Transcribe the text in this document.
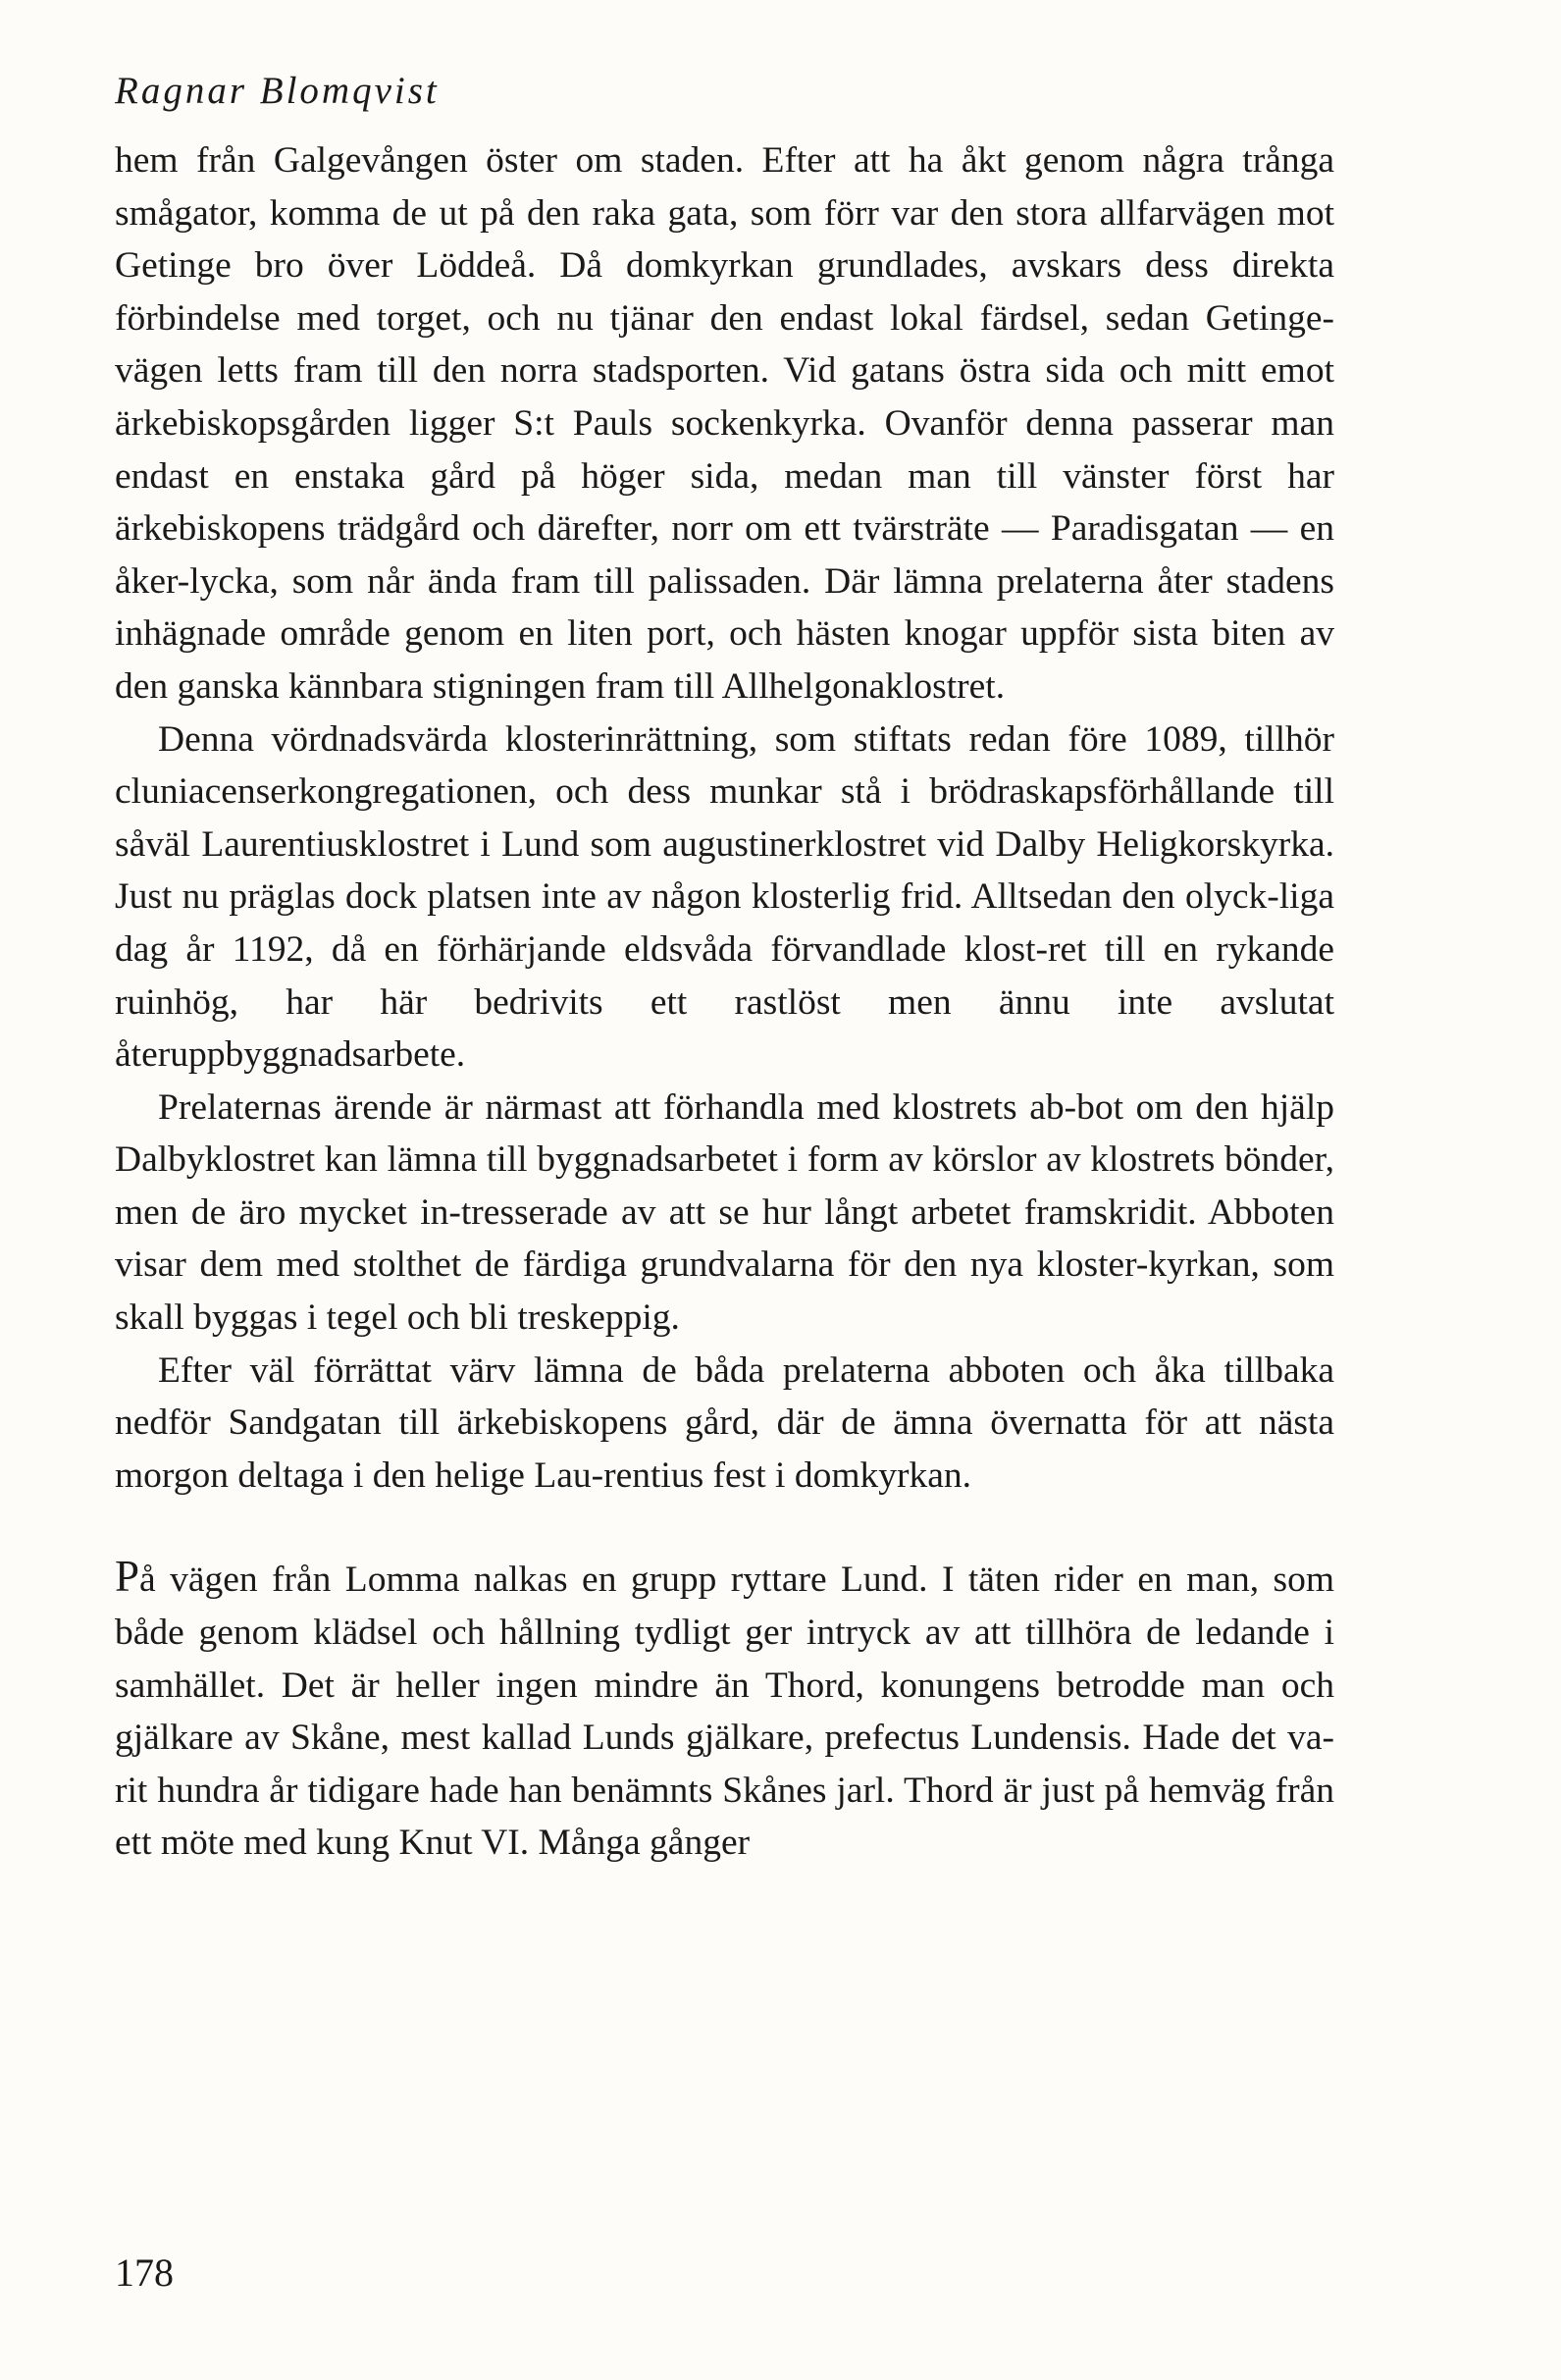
Ragnar Blomqvist

hem från Galgevången öster om staden. Efter att ha åkt genom några trånga smågator, komma de ut på den raka gata, som förr var den stora allfarvägen mot Getinge bro över Löddeå. Då domkyrkan grundlades, avskars dess direkta förbindelse med torget, och nu tjänar den endast lokal färdsel, sedan Getinge-vägen letts fram till den norra stadsporten. Vid gatans östra sida och mitt emot ärkebiskopsgården ligger S:t Pauls sockenkyrka. Ovanför denna passerar man endast en enstaka gård på höger sida, medan man till vänster först har ärkebiskopens trädgård och därefter, norr om ett tvärsträte — Paradisgatan — en åker-lycka, som når ända fram till palissaden. Där lämna prelaterna åter stadens inhägnade område genom en liten port, och hästen knogar uppför sista biten av den ganska kännbara stigningen fram till Allhelgonaklostret.

Denna vördnadsvärda klosterinrättning, som stiftats redan före 1089, tillhör cluniacenserkongregationen, och dess munkar stå i brödraskapsförhållande till såväl Laurentiusklostret i Lund som augustinerklostret vid Dalby Heligkorskyrka. Just nu präglas dock platsen inte av någon klosterlig frid. Alltsedan den olyck-liga dag år 1192, då en förhärjande eldsvåda förvandlade klost-ret till en rykande ruinhög, har här bedrivits ett rastlöst men ännu inte avslutat återuppbyggnadsarbete.

Prelaternas ärende är närmast att förhandla med klostrets ab-bot om den hjälp Dalbyklostret kan lämna till byggnadsarbetet i form av körslor av klostrets bönder, men de äro mycket in-tresserade av att se hur långt arbetet framskridit. Abboten visar dem med stolthet de färdiga grundvalarna för den nya kloster-kyrkan, som skall byggas i tegel och bli treskeppig.

Efter väl förrättat värv lämna de båda prelaterna abboten och åka tillbaka nedför Sandgatan till ärkebiskopens gård, där de ämna övernatta för att nästa morgon deltaga i den helige Lau-rentius fest i domkyrkan.

På vägen från Lomma nalkas en grupp ryttare Lund. I täten rider en man, som både genom klädsel och hållning tydligt ger intryck av att tillhöra de ledande i samhället. Det är heller ingen mindre än Thord, konungens betrodde man och gjälkare av Skåne, mest kallad Lunds gjälkare, prefectus Lundensis. Hade det va-rit hundra år tidigare hade han benämnts Skånes jarl. Thord är just på hemväg från ett möte med kung Knut VI. Många gånger

178
